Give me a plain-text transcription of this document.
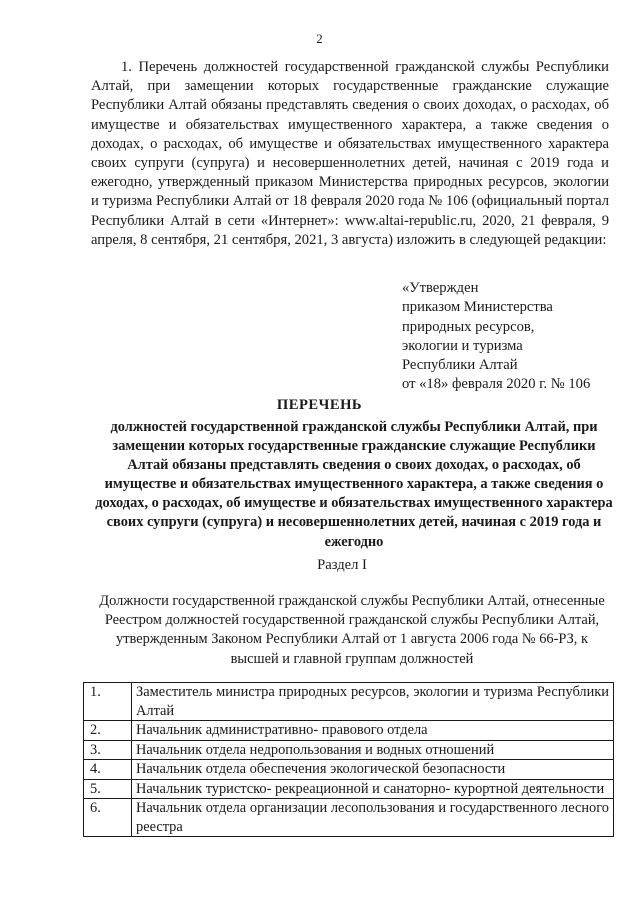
2
1. Перечень должностей государственной гражданской службы Республики Алтай, при замещении которых государственные гражданские служащие Республики Алтай обязаны представлять сведения о своих доходах, о расходах, об имуществе и обязательствах имущественного характера, а также сведения о доходах, о расходах, об имуществе и обязательствах имущественного характера своих супруги (супруга) и несовершеннолетних детей, начиная с 2019 года и ежегодно, утвержденный приказом Министерства природных ресурсов, экологии и туризма Республики Алтай от 18 февраля 2020 года № 106 (официальный портал Республики Алтай в сети «Интернет»: www.altai-republic.ru, 2020, 21 февраля, 9 апреля, 8 сентября, 21 сентября, 2021, 3 августа) изложить в следующей редакции:
«Утвержден
приказом Министерства
природных ресурсов,
экологии и туризма
Республики Алтай
от «18» февраля 2020 г. № 106
ПЕРЕЧЕНЬ
должностей государственной гражданской службы Республики Алтай, при замещении которых государственные гражданские служащие Республики Алтай обязаны представлять сведения о своих доходах, о расходах, об имуществе и обязательствах имущественного характера, а также сведения о доходах, о расходах, об имуществе и обязательствах имущественного характера своих супруги (супруга) и несовершеннолетних детей, начиная с 2019 года и ежегодно
Раздел I
Должности государственной гражданской службы Республики Алтай, отнесенные Реестром должностей государственной гражданской службы Республики Алтай, утвержденным Законом Республики Алтай от 1 августа 2006 года № 66-РЗ, к высшей и главной группам должностей
1.	Заместитель министра природных ресурсов, экологии и туризма Республики Алтай
2.	Начальник административно- правового отдела
3.	Начальник отдела недропользования и водных отношений
4.	Начальник отдела обеспечения экологической безопасности
5.	Начальник туристско- рекреационной и санаторно- курортной деятельности
6.	Начальник отдела организации лесопользования и государственного лесного реестра
